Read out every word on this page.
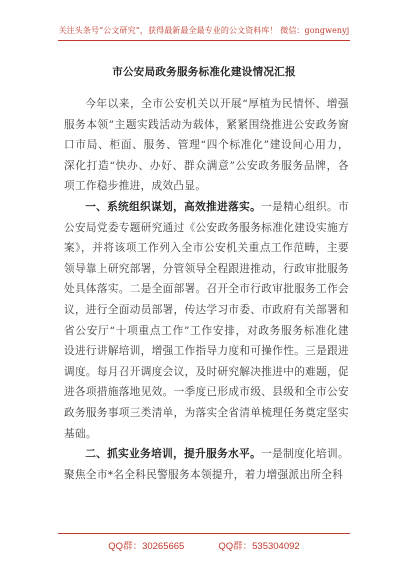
关注头条号“公文研究”，获得最新最全最专业的公文资料库！ 微信：gongwenyj
市公安局政务服务标准化建设情况汇报

今年以来，全市公安机关以开展“厚植为民情怀、增强服务本领”主题实践活动为载体，紧紧围绕推进公安政务窗口市局、柜面、服务、管理“四个标准化”建设间心用力，深化打造“快办、办好、群众满意”公安政务服务品牌，各项工作稳步推进，成效凸显。

一、系统组织谋划，高效推进落实。一是精心组织。市公安局党委专题研究通过《公安政务服务标准化建设实施方案》，并将该项工作列入全市公安机关重点工作范畴，主要领导靠上研究部署，分管领导全程跟进推动，行政审批服务处具体落实。二是全面部署。召开全市行政审批服务工作会议，进行全面动员部署，传达学习市委、市政府有关部署和省公安厅“十项重点工作”工作安排，对政务服务标准化建设进行讲解培训，增强工作指导力度和可操作性。三是跟进调度。每月召开调度会议，及时研究解决推进中的难题，促进各项措施落地见效。一季度已形成市级、县级和全市公安政务服务事项三类清单，为落实全省清单梳理任务奠定坚实基础。

二、抓实业务培训，提升服务水平。一是制度化培训。聚焦全市*名全科民警服务本领提升，着力增强派出所全科

QQ群：30265665	QQ群：535304092
